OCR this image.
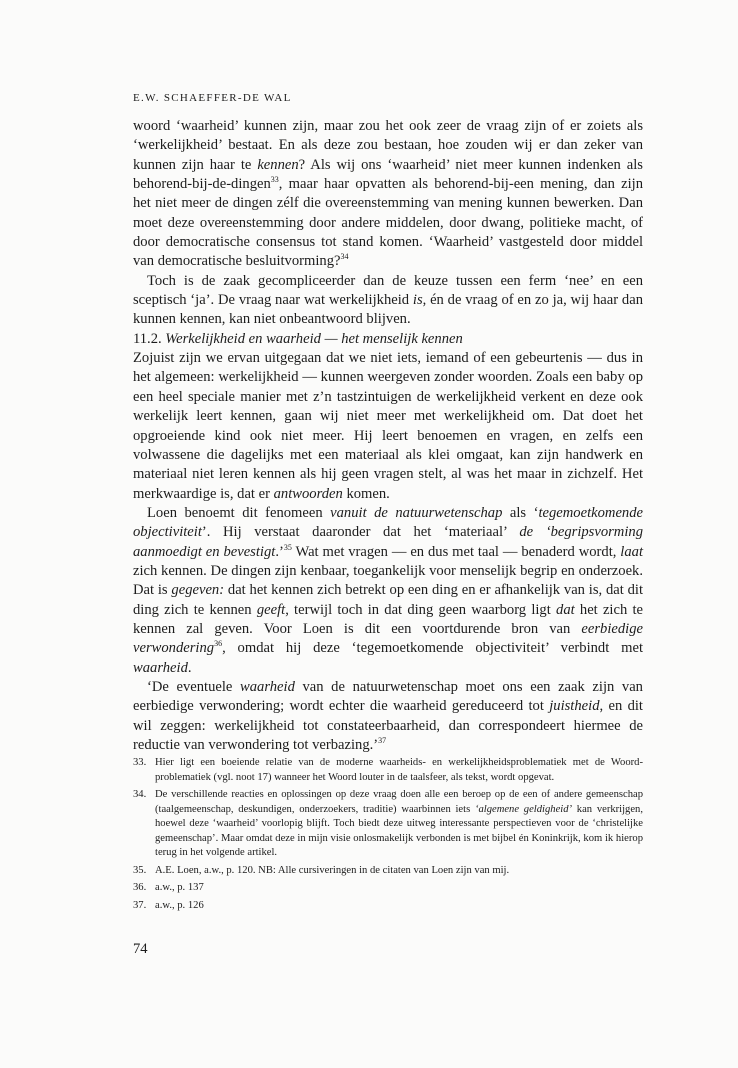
E.W. SCHAEFFER-DE WAL

woord ‘waarheid’ kunnen zijn, maar zou het ook zeer de vraag zijn of er zoiets als ‘werkelijkheid’ bestaat. En als deze zou bestaan, hoe zouden wij er dan zeker van kunnen zijn haar te kennen? Als wij ons ‘waarheid’ niet meer kunnen indenken als behorend-bij-de-dingen$^{33}$, maar haar opvatten als behorend-bij-een mening, dan zijn het niet meer de dingen zélf die overeenstemming van mening kunnen bewerken. Dan moet deze overeenstemming door andere middelen, door dwang, politieke macht, of door democratische consensus tot stand komen. ‘Waarheid’ vastgesteld door middel van democratische besluitvorming?$^{34}$

Toch is de zaak gecompliceerder dan de keuze tussen een ferm ‘nee’ en een sceptisch ‘ja’. De vraag naar wat werkelijkheid is, én de vraag of en zo ja, wij haar dan kunnen kennen, kan niet onbeantwoord blijven.

11.2. Werkelijkheid en waarheid — het menselijk kennen

Zojuist zijn we ervan uitgegaan dat we niet iets, iemand of een gebeurtenis — dus in het algemeen: werkelijkheid — kunnen weergeven zonder woorden. Zoals een baby op een heel speciale manier met z’n tastzintuigen de werkelijkheid verkent en deze ook werkelijk leert kennen, gaan wij niet meer met werkelijkheid om. Dat doet het opgroeiende kind ook niet meer. Hij leert benoemen en vragen, en zelfs een volwassene die dagelijks met een materiaal als klei omgaat, kan zijn handwerk en materiaal niet leren kennen als hij geen vragen stelt, al was het maar in zichzelf. Het merkwaardige is, dat er antwoorden komen.

Loen benoemt dit fenomeen vanuit de natuurwetenschap als ‘tegemoetkomende objectiviteit’. Hij verstaat daaronder dat het ‘materiaal’ de ‘begripsvorming aanmoedigt en bevestigt.’$^{35}$ Wat met vragen — en dus met taal — benaderd wordt, laat zich kennen. De dingen zijn kenbaar, toegankelijk voor menselijk begrip en onderzoek. Dat is gegeven: dat het kennen zich betrekt op een ding en er afhankelijk van is, dat dit ding zich te kennen geeft, terwijl toch in dat ding geen waarborg ligt dat het zich te kennen zal geven. Voor Loen is dit een voortdurende bron van eerbiedige verwondering$^{36}$, omdat hij deze ‘tegemoetkomende objectiviteit’ verbindt met waarheid.

‘De eventuele waarheid van de natuurwetenschap moet ons een zaak zijn van eerbiedige verwondering; wordt echter die waarheid gereduceerd tot juistheid, en dit wil zeggen: werkelijkheid tot constateerbaarheid, dan correspondeert hiermee de reductie van verwondering tot verbazing.’$^{37}$

33. Hier ligt een boeiende relatie van de moderne waarheids- en werkelijkheidsproblematiek met de Woord-problematiek (vgl. noot 17) wanneer het Woord louter in de taalsfeer, als tekst, wordt opgevat.

34. De verschillende reacties en oplossingen op deze vraag doen alle een beroep op de een of andere gemeenschap (taalgemeenschap, deskundigen, onderzoekers, traditie) waarbinnen iets ‘algemene geldigheid’ kan verkrijgen, hoewel deze ‘waarheid’ voorlopig blijft. Toch biedt deze uitweg interessante perspectieven voor de ‘christelijke gemeenschap’. Maar omdat deze in mijn visie onlosmakelijk verbonden is met bijbel én Koninkrijk, kom ik hierop terug in het volgende artikel.

35. A.E. Loen, a.w., p. 120. NB: Alle cursiveringen in de citaten van Loen zijn van mij.

36. a.w., p. 137

37. a.w., p. 126

74
